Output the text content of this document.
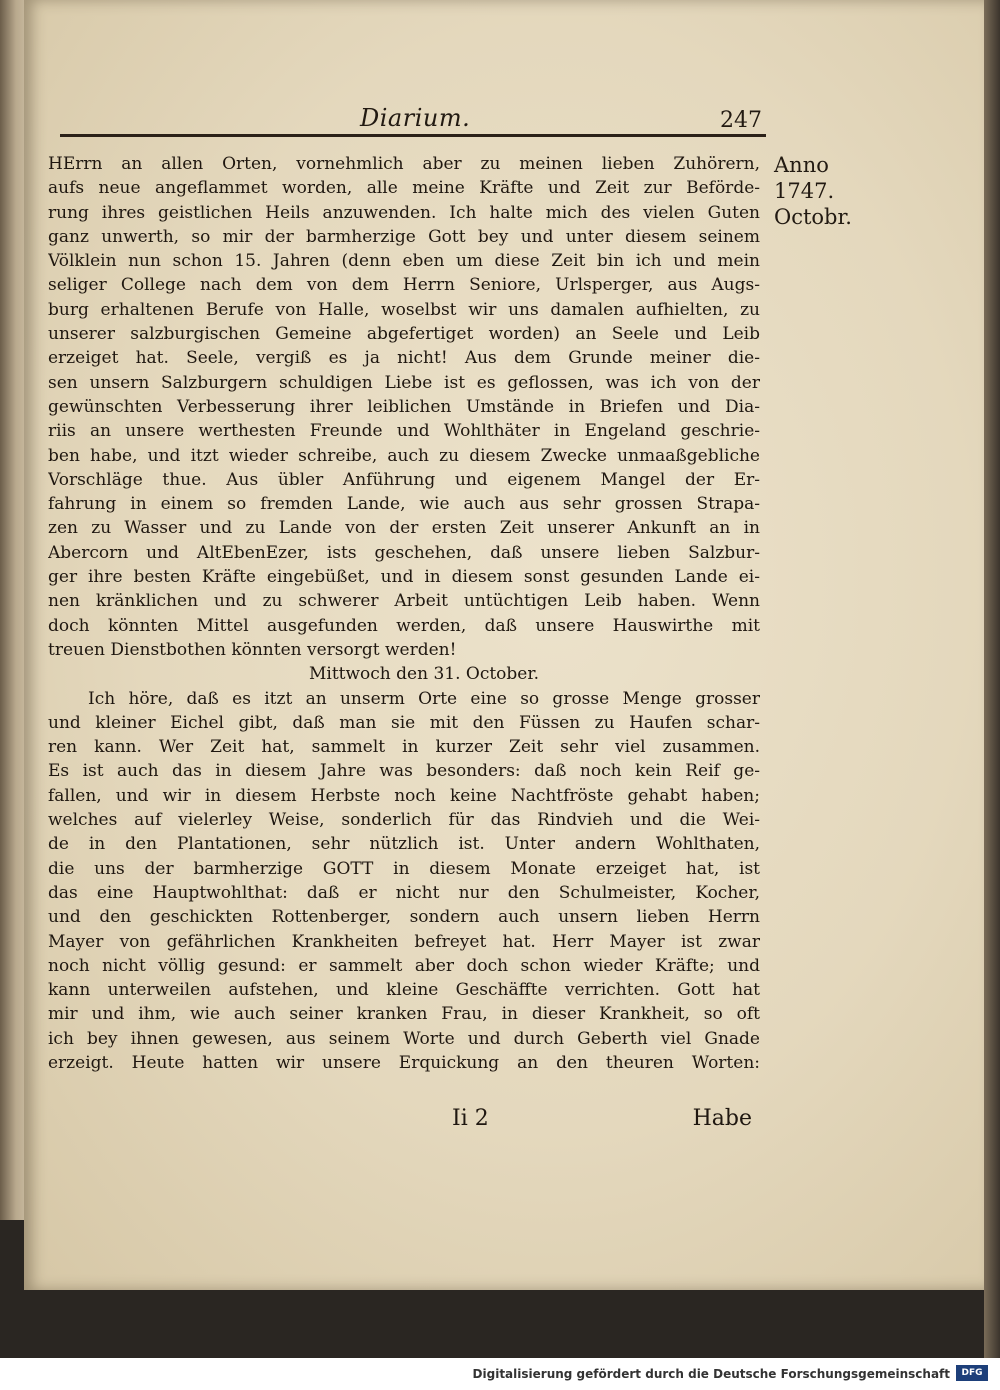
Diarium.	247
Anno
1747.
Octobr.
HErrn an allen Orten, vornehmlich aber zu meinen lieben Zuhörern,
aufs neue angeflammet worden, alle meine Kräfte und Zeit zur Beförde-
rung ihres geistlichen Heils anzuwenden. Ich halte mich des vielen Guten
ganz unwerth, so mir der barmherzige Gott bey und unter diesem seinem
Völklein nun schon 15. Jahren (denn eben um diese Zeit bin ich und mein
seliger College nach dem von dem Herrn Seniore, Urlsperger, aus Augs-
burg erhaltenen Berufe von Halle, woselbst wir uns damalen aufhielten, zu
unserer salzburgischen Gemeine abgefertiget worden) an Seele und Leib
erzeiget hat. Seele, vergiß es ja nicht! Aus dem Grunde meiner die-
sen unsern Salzburgern schuldigen Liebe ist es geflossen, was ich von der
gewünschten Verbesserung ihrer leiblichen Umstände in Briefen und Dia-
riis an unsere werthesten Freunde und Wohlthäter in Engeland geschrie-
ben habe, und itzt wieder schreibe, auch zu diesem Zwecke unmaaßgebliche
Vorschläge thue. Aus übler Anführung und eigenem Mangel der Er-
fahrung in einem so fremden Lande, wie auch aus sehr grossen Strapa-
zen zu Wasser und zu Lande von der ersten Zeit unserer Ankunft an in
Abercorn und AltEbenEzer, ists geschehen, daß unsere lieben Salzbur-
ger ihre besten Kräfte eingebüßet, und in diesem sonst gesunden Lande ei-
nen kränklichen und zu schwerer Arbeit untüchtigen Leib haben. Wenn
doch könnten Mittel ausgefunden werden, daß unsere Hauswirthe mit
treuen Dienstbothen könnten versorgt werden!
Mittwoch den 31. October.
Ich höre, daß es itzt an unserm Orte eine so grosse Menge grosser
und kleiner Eichel gibt, daß man sie mit den Füssen zu Haufen schar-
ren kann. Wer Zeit hat, sammelt in kurzer Zeit sehr viel zusammen.
Es ist auch das in diesem Jahre was besonders: daß noch kein Reif ge-
fallen, und wir in diesem Herbste noch keine Nachtfröste gehabt haben;
welches auf vielerley Weise, sonderlich für das Rindvieh und die Wei-
de in den Plantationen, sehr nützlich ist. Unter andern Wohlthaten,
die uns der barmherzige GOTT in diesem Monate erzeiget hat, ist
das eine Hauptwohlthat: daß er nicht nur den Schulmeister, Kocher,
und den geschickten Rottenberger, sondern auch unsern lieben Herrn
Mayer von gefährlichen Krankheiten befreyet hat. Herr Mayer ist zwar
noch nicht völlig gesund: er sammelt aber doch schon wieder Kräfte; und
kann unterweilen aufstehen, und kleine Geschäffte verrichten. Gott hat
mir und ihm, wie auch seiner kranken Frau, in dieser Krankheit, so oft
ich bey ihnen gewesen, aus seinem Worte und durch Geberth viel Gnade
erzeigt. Heute hatten wir unsere Erquickung an den theuren Worten:
Ii 2	Habe
Digitalisierung gefördert durch die Deutsche Forschungsgemeinschaft	DFG
